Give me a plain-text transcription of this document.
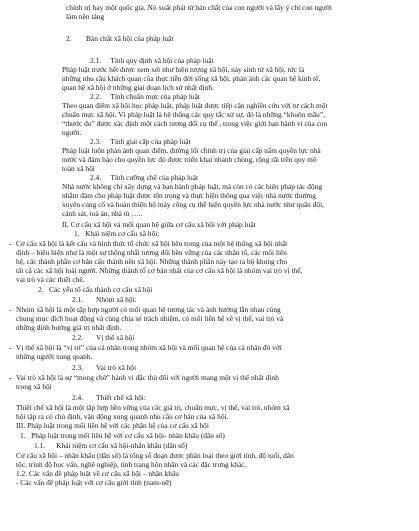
chính trị hay một quốc gia. Nó xuất phát từ bản chất của con người và lấy ý chí con người
làm nền tảng
2. Bản chất xã hội của pháp luật
2.1.     Tính quy định xã hội của pháp luật
Pháp luật trước hết được xem xét như hiện tượng xã hội, này sinh từ xã hội, tức là
những nhu cầu khách quan của thực tiễn đời sống xã hội, phản ánh các quan hệ kinh tế,
quan hệ xã hội ở những giai đoạn lịch sử nhất định.
2.2.     Tính chuẩn mực của pháp luật
Theo quan điểm xã hội học pháp luật, pháp luật được tiếp cận nghiên cứu với tư cách một
chuẩn mực xã hội. Vì pháp luật là hệ thống các quy tắc xử sự, đó là những “khuôn mẫu”,
“thước đo” được xác định một cách tương đối cụ thể , trong việc giới hạn hành vi của con
người.
2.3.     Tính giai cấp của pháp luật
Pháp luật luôn phản ánh quan điểm, đường lối chính trị của giai cấp nắm quyền lực nhà
nước và đảm bảo cho quyền lực đó được triển khai nhanh chóng, rộng rãi trên quy mô
toàn xã hội
2.4.     Tính cưỡng chế của pháp luật
Nhà nước không chỉ xây dựng và ban hành pháp luật, mà còn có các biện pháp tác động
nhằm đảm cho pháp luật được tôn trọng và thực hiện thông qua việc nhà nước thường
xuyên củng cố và hoàn thiện bộ máy công cụ thể hiện quyền lực nhà nước như quân đội,
cảnh sát, toà án, nhà tù …..
II, Cơ cấu xã hội và mối quan hệ giữa cơ cấu xã hội với pháp luật
1.   Khái niệm cơ cấu xã hội:
- Cơ cấu xã hội là kết cấu và hình thức tổ chức xã hội bên trong của một hệ thống xã hội nhất
định – biểu hiện như là một sự thống nhất tương đối bền vững của các nhân tố, các mối liên
hệ, các thành phần cơ bản cấu thành nên xã hội. Những thành phần này tạo ra bộ khung cho
tất cả các xã hội loài người. Những thành tố cơ bản nhất của cơ cấu xã hội là nhóm vai trò vị thế,
vai trò và các thiết chế.
2.   Các yếu tố cấu thành cơ cấu xã hội
2.1.       Nhóm xã hội:
- Nhóm xã hội là một tập hợp người có mối quan hệ tương tác và ảnh hưởng lẫn nhau cùng
chung mục đích hoạt động và cùng chia sẻ trách nhiệm, có mối liên hệ về vị thế, vai trò và
những định hướng giá trị nhất định.
2.2.       Vị thế xã hội
- Vị thế xã hội là “vị trí” của cá nhân trong nhóm xã hội và mối quan hệ của cá nhân đó với
những người xung quanh.
2.3.       Vai trò xã hội
- Vai trò xã hội là sự “mong chờ” hành vi đặc thù đối với người mang một vị thế nhất định
trong xã hội
2.4.       Thiết chế xã hội:
Thiết chế xã hội là một tập hợp bền vững của các giá trị, chuẩn mực, vị thế, vai trò, nhóm xã
hội tập ra có chủ định, vận động xung quanh nhu cầu cơ bản của xã hội.
III. Pháp luật trong mối liên hệ với các phân hệ của cơ cấu xã hội
1.   Pháp luật trong mối liên hệ với cơ cấu xã hội- nhân khẩu (dân số)
1.1.      Khái niệm cơ cấu xã hội-nhân khẩu (dân số)
Cơ cấu xã hội – nhân khẩu (dân số) là tổng số đoạn được phân loại theo giới tính, độ tuổi, dân
tộc, trình độ học vấn, nghề nghiệp, tình trạng hôn nhân và các đặc trưng khác.
1.2. Các vấn đề pháp luật về cơ cấu xã hội – nhân khẩu
- Các vấn đề pháp luật với cơ cấu giới tính (nam-nữ)
